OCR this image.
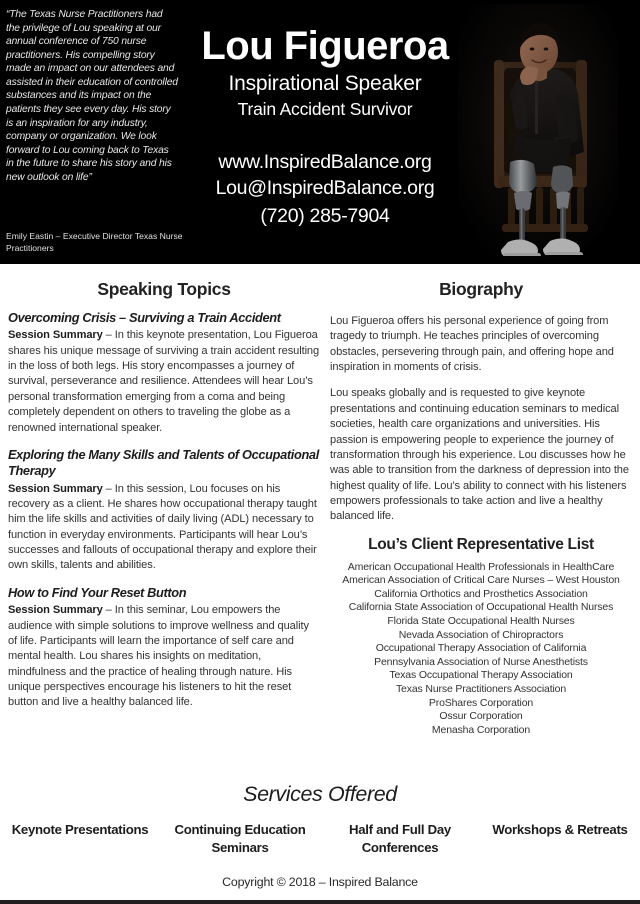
“The Texas Nurse Practitioners had the privilege of Lou speaking at our annual conference of 750 nurse practitioners. His compelling story made an impact on our attendees and assisted in their education of controlled substances and its impact on the patients they see every day. His story is an inspiration for any industry, company or organization. We look forward to Lou coming back to Texas in the future to share his story and his new outlook on life”
Emily Eastin – Executive Director Texas Nurse Practitioners
Lou Figueroa
Inspirational Speaker
Train Accident Survivor
www.InspiredBalance.org
Lou@InspiredBalance.org
(720) 285-7904
Speaking Topics
Overcoming Crisis – Surviving a Train Accident
Session Summary – In this keynote presentation, Lou Figueroa shares his unique message of surviving a train accident resulting in the loss of both legs. His story encompasses a journey of survival, perseverance and resilience. Attendees will hear Lou’s personal transformation emerging from a coma and being completely dependent on others to traveling the globe as a renowned international speaker.
Exploring the Many Skills and Talents of Occupational Therapy
Session Summary – In this session, Lou focuses on his recovery as a client. He shares how occupational therapy taught him the life skills and activities of daily living (ADL) necessary to function in everyday environments. Participants will hear Lou’s successes and fallouts of occupational therapy and explore their own skills, talents and abilities.
How to Find Your Reset Button
Session Summary – In this seminar, Lou empowers the audience with simple solutions to improve wellness and quality of life. Participants will learn the importance of self care and mental health. Lou shares his insights on meditation, mindfulness and the practice of healing through nature. His unique perspectives encourage his listeners to hit the reset button and live a healthy balanced life.
Biography
Lou Figueroa offers his personal experience of going from tragedy to triumph. He teaches principles of overcoming obstacles, persevering through pain, and offering hope and inspiration in moments of crisis.
Lou speaks globally and is requested to give keynote presentations and continuing education seminars to medical societies, health care organizations and universities. His passion is empowering people to experience the journey of transformation through his experience. Lou discusses how he was able to transition from the darkness of depression into the highest quality of life. Lou’s ability to connect with his listeners empowers professionals to take action and live a healthy balanced life.
Lou’s Client Representative List
American Occupational Health Professionals in HealthCare
American Association of Critical Care Nurses – West Houston
California Orthotics and Prosthetics Association
California State Association of Occupational Health Nurses
Florida State Occupational Health Nurses
Nevada Association of Chiropractors
Occupational Therapy Association of California
Pennsylvania Association of Nurse Anesthetists
Texas Occupational Therapy Association
Texas Nurse Practitioners Association
ProShares Corporation
Ossur Corporation
Menasha Corporation
Services Offered
Keynote Presentations	Continuing Education Seminars
Half and Full Day Conferences
Workshops & Retreats
Copyright © 2018 – Inspired Balance
